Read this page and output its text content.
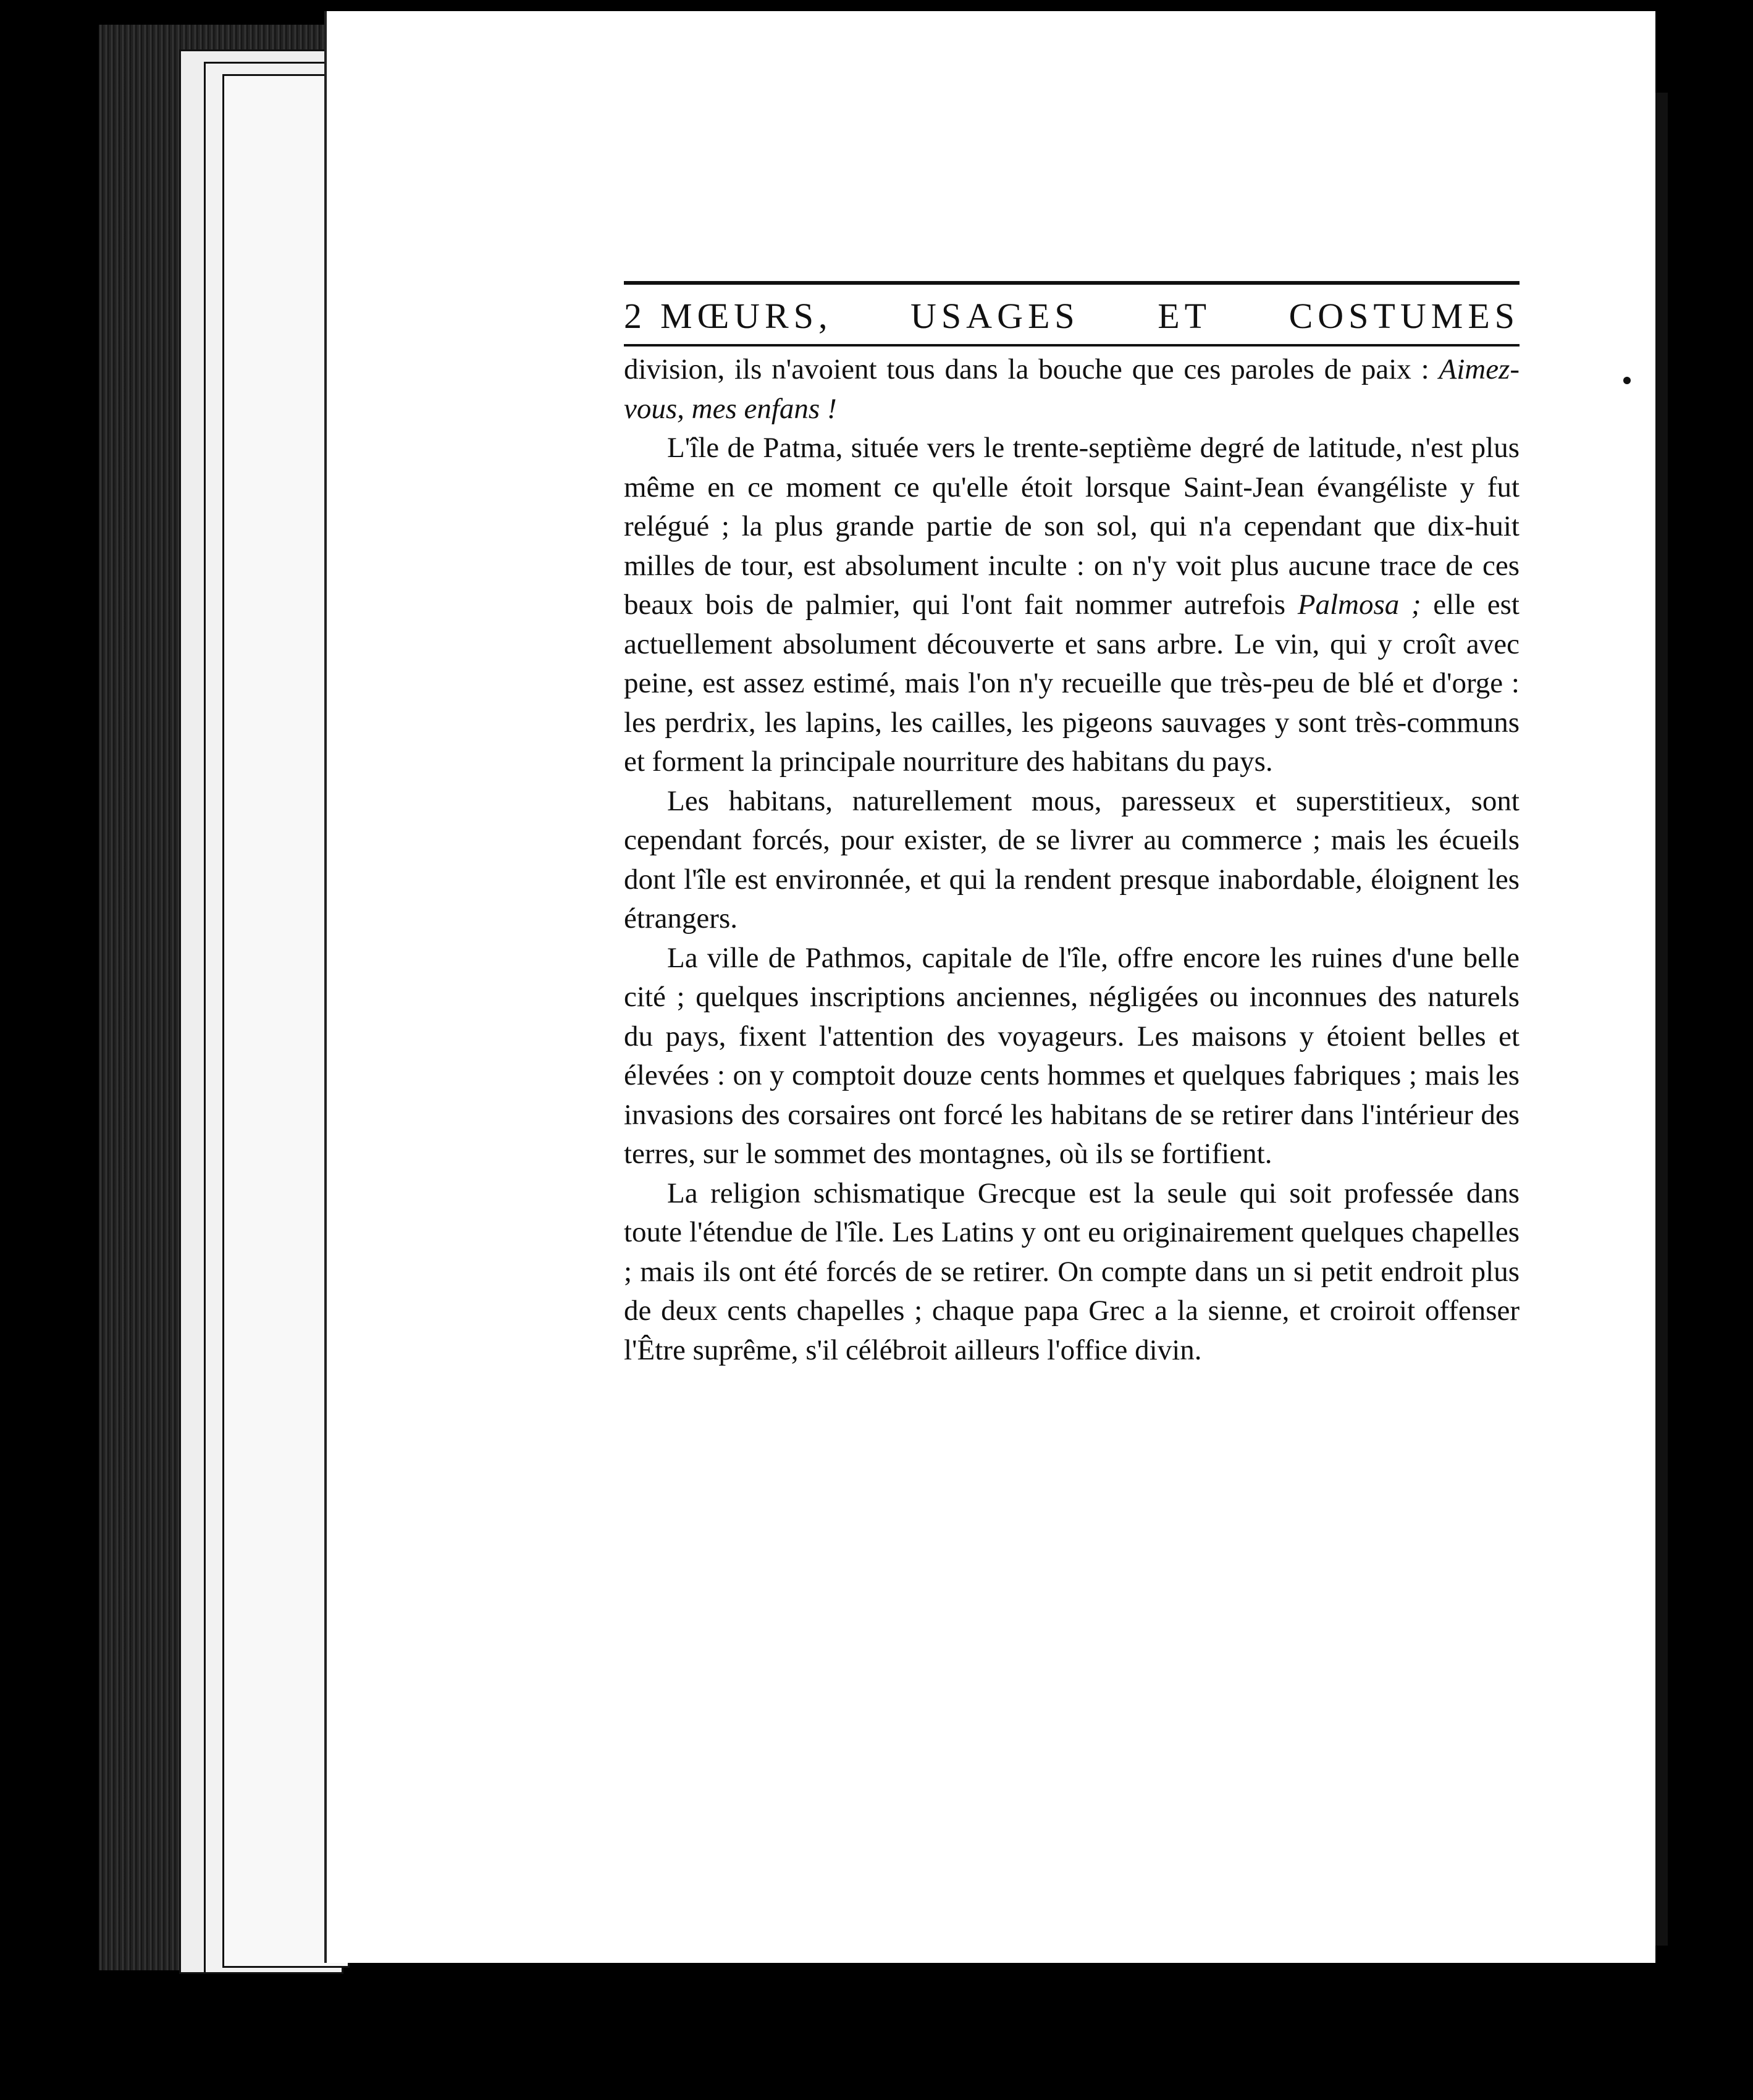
2 MŒURS, USAGES ET COSTUMES

division, ils n'avoient tous dans la bouche que ces paroles de paix : Aimez-vous, mes enfans !

L'île de Patma, située vers le trente-septième degré de latitude, n'est plus même en ce moment ce qu'elle étoit lorsque Saint-Jean évangéliste y fut relégué ; la plus grande partie de son sol, qui n'a cependant que dix-huit milles de tour, est absolument inculte : on n'y voit plus aucune trace de ces beaux bois de palmier, qui l'ont fait nommer autrefois Palmosa ; elle est actuellement absolument découverte et sans arbre. Le vin, qui y croît avec peine, est assez estimé, mais l'on n'y recueille que très-peu de blé et d'orge : les perdrix, les lapins, les cailles, les pigeons sauvages y sont très-communs et forment la principale nourriture des habitans du pays.

Les habitans, naturellement mous, paresseux et superstitieux, sont cependant forcés, pour exister, de se livrer au commerce ; mais les écueils dont l'île est environnée, et qui la rendent presque inabordable, éloignent les étrangers.

La ville de Pathmos, capitale de l'île, offre encore les ruines d'une belle cité ; quelques inscriptions anciennes, négligées ou inconnues des naturels du pays, fixent l'attention des voyageurs. Les maisons y étoient belles et élevées : on y comptoit douze cents hommes et quelques fabriques ; mais les invasions des corsaires ont forcé les habitans de se retirer dans l'intérieur des terres, sur le sommet des montagnes, où ils se fortifient.

La religion schismatique Grecque est la seule qui soit professée dans toute l'étendue de l'île. Les Latins y ont eu originairement quelques chapelles ; mais ils ont été forcés de se retirer. On compte dans un si petit endroit plus de deux cents chapelles ; chaque papa Grec a la sienne, et croiroit offenser l'Être suprême, s'il célébroit ailleurs l'office divin.
